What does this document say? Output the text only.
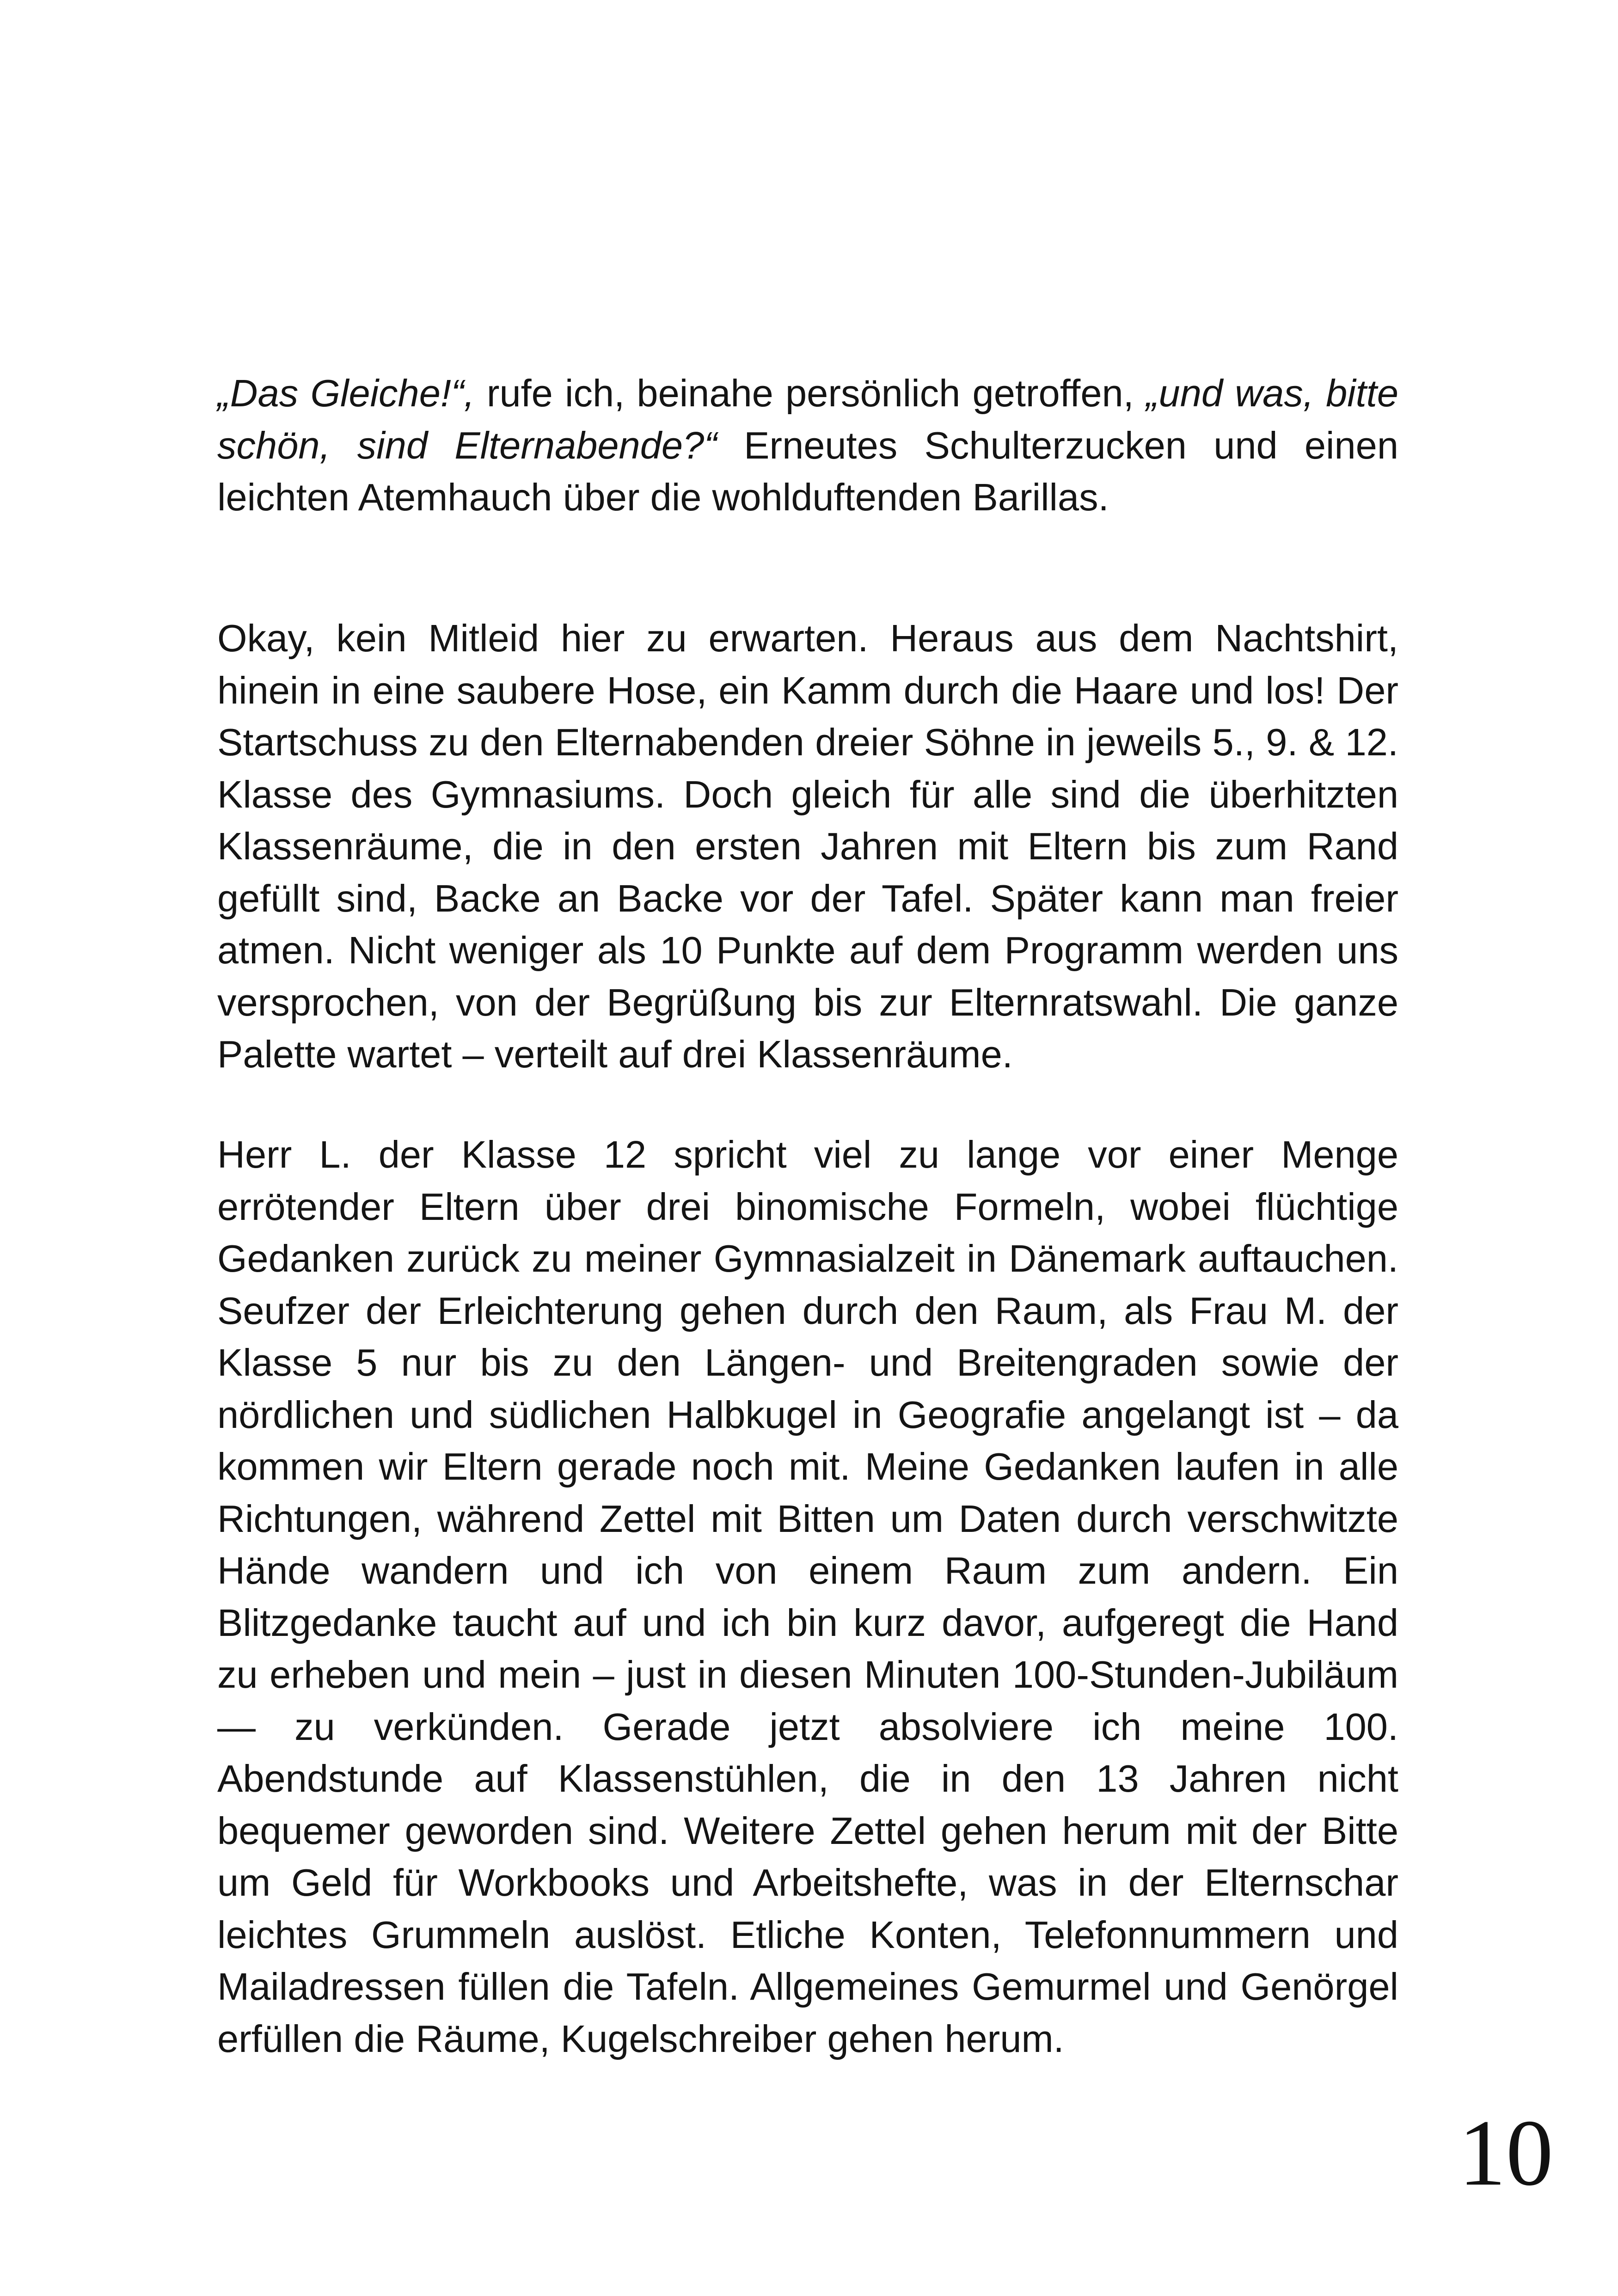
„Das Gleiche!“, rufe ich, beinahe persönlich getroffen, „und was, bitte schön, sind Elternabende?“ Erneutes Schulterzucken und einen leichten Atemhauch über die wohlduftenden Barillas.

Okay, kein Mitleid hier zu erwarten. Heraus aus dem Nachtshirt, hinein in eine saubere Hose, ein Kamm durch die Haare und los! Der Startschuss zu den Elternabenden dreier Söhne in jeweils 5., 9. & 12. Klasse des Gymnasiums. Doch gleich für alle sind die überhitzten Klassenräume, die in den ersten Jahren mit Eltern bis zum Rand gefüllt sind, Backe an Backe vor der Tafel. Später kann man freier atmen. Nicht weniger als 10 Punkte auf dem Programm werden uns versprochen, von der Begrüßung bis zur Elternratswahl. Die ganze Palette wartet – verteilt auf drei Klassenräume.

Herr L. der Klasse 12 spricht viel zu lange vor einer Menge errötender Eltern über drei binomische Formeln, wobei flüchtige Gedanken zurück zu meiner Gymnasialzeit in Dänemark auftauchen. Seufzer der Erleichterung gehen durch den Raum, als Frau M. der Klasse 5 nur bis zu den Längen- und Breitengraden sowie der nördlichen und südlichen Halbkugel in Geografie angelangt ist – da kommen wir Eltern gerade noch mit. Meine Gedanken laufen in alle Richtungen, während Zettel mit Bitten um Daten durch verschwitzte Hände wandern und ich von einem Raum zum andern. Ein Blitzgedanke taucht auf und ich bin kurz davor, aufgeregt die Hand zu erheben und mein – just in diesen Minuten 100-Stunden-Jubiläum — zu verkünden. Gerade jetzt absolviere ich meine 100. Abendstunde auf Klassenstühlen, die in den 13 Jahren nicht bequemer geworden sind. Weitere Zettel gehen herum mit der Bitte um Geld für Workbooks und Arbeitshefte, was in der Elternschar leichtes Grummeln auslöst. Etliche Konten, Telefonnummern und Mailadressen füllen die Tafeln. Allgemeines Gemurmel und Genörgel erfüllen die Räume, Kugelschreiber gehen herum.

10
